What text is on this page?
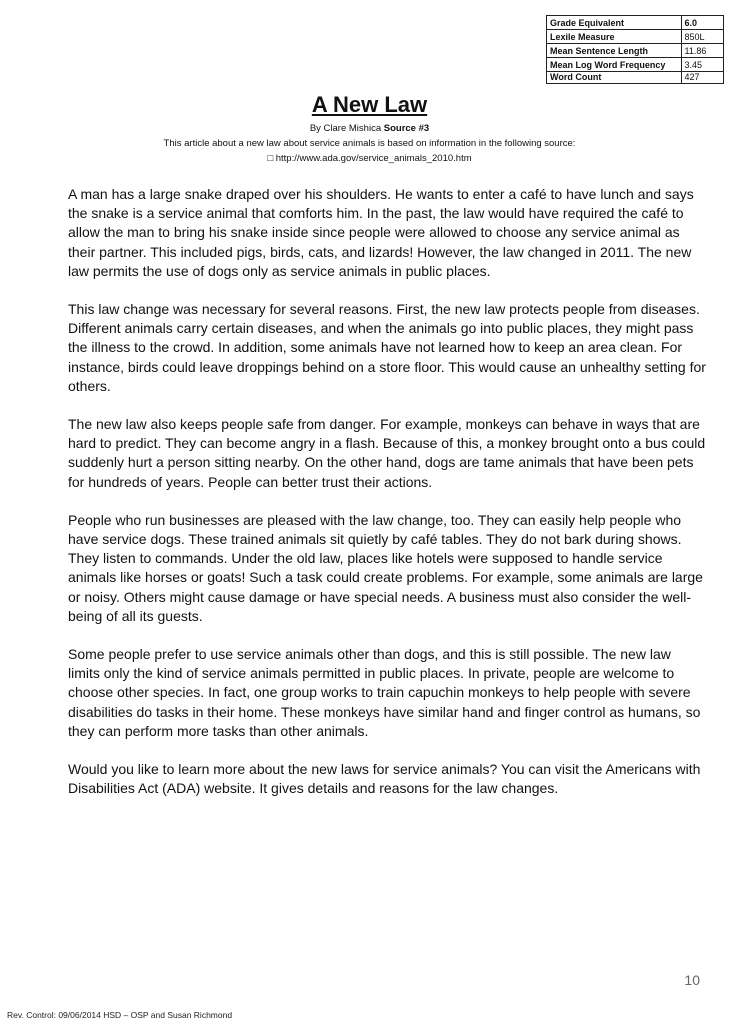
Grade Equivalent	6.0
Lexile Measure	850L
Mean Sentence Length	11.86
Mean Log Word Frequency	3.45
Word Count	427
A New Law
By Clare Mishica Source #3
This article about a new law about service animals is based on information in the following source:
□ http://www.ada.gov/service_animals_2010.htm

A man has a large snake draped over his shoulders. He wants to enter a café to have lunch and says the snake is a service animal that comforts him. In the past, the law would have required the café to allow the man to bring his snake inside since people were allowed to choose any service animal as their partner. This included pigs, birds, cats, and lizards! However, the law changed in 2011. The new law permits the use of dogs only as service animals in public places.

This law change was necessary for several reasons. First, the new law protects people from diseases. Different animals carry certain diseases, and when the animals go into public places, they might pass the illness to the crowd. In addition, some animals have not learned how to keep an area clean. For instance, birds could leave droppings behind on a store floor. This would cause an unhealthy setting for others.

The new law also keeps people safe from danger. For example, monkeys can behave in ways that are hard to predict. They can become angry in a flash. Because of this, a monkey brought onto a bus could suddenly hurt a person sitting nearby. On the other hand, dogs are tame animals that have been pets for hundreds of years. People can better trust their actions.

People who run businesses are pleased with the law change, too. They can easily help people who have service dogs. These trained animals sit quietly by café tables. They do not bark during shows. They listen to commands. Under the old law, places like hotels were supposed to handle service animals like horses or goats! Such a task could create problems. For example, some animals are large or noisy. Others might cause damage or have special needs. A business must also consider the well-being of all its guests.

Some people prefer to use service animals other than dogs, and this is still possible. The new law limits only the kind of service animals permitted in public places. In private, people are welcome to choose other species. In fact, one group works to train capuchin monkeys to help people with severe disabilities do tasks in their home. These monkeys have similar hand and finger control as humans, so they can perform more tasks than other animals.

Would you like to learn more about the new laws for service animals? You can visit the Americans with Disabilities Act (ADA) website. It gives details and reasons for the law changes.

10
Rev. Control: 09/06/2014 HSD – OSP and Susan Richmond
